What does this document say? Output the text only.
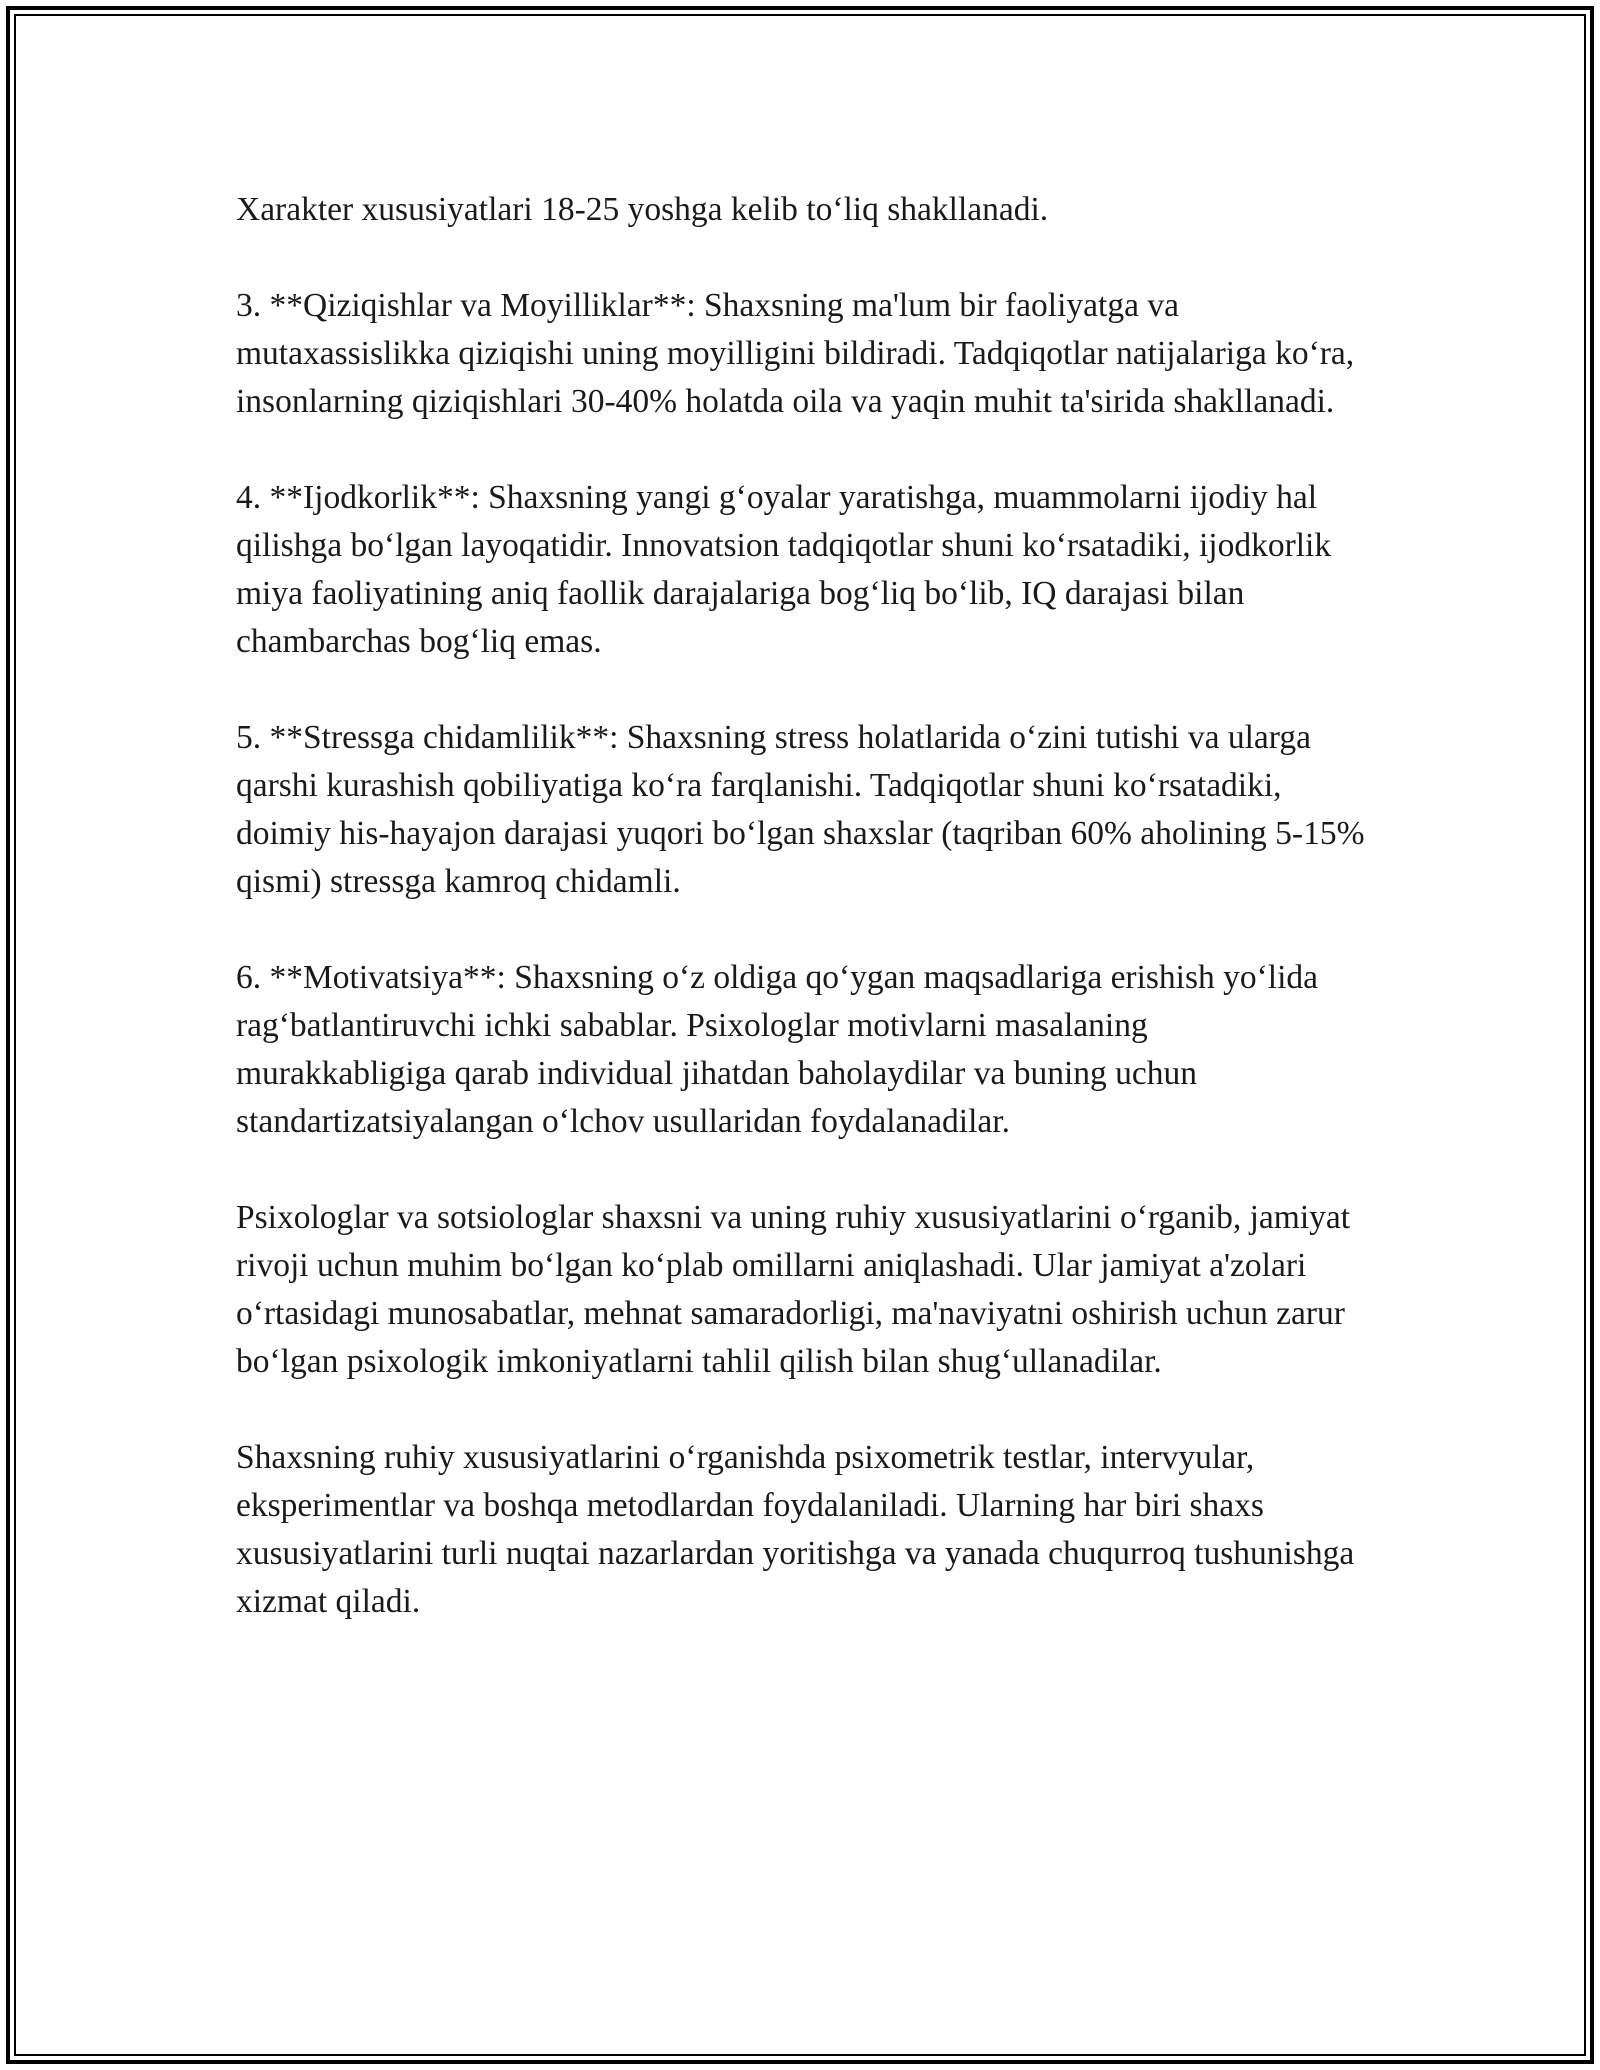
Xarakter xususiyatlari 18-25 yoshga kelib to‘liq shakllanadi.

3. **Qiziqishlar va Moyilliklar**: Shaxsning ma'lum bir faoliyatga va mutaxassislikka qiziqishi uning moyilligini bildiradi. Tadqiqotlar natijalariga ko‘ra, insonlarning qiziqishlari 30-40% holatda oila va yaqin muhit ta'sirida shakllanadi.

4. **Ijodkorlik**: Shaxsning yangi g‘oyalar yaratishga, muammolarni ijodiy hal qilishga bo‘lgan layoqatidir. Innovatsion tadqiqotlar shuni ko‘rsatadiki, ijodkorlik miya faoliyatining aniq faollik darajalariga bog‘liq bo‘lib, IQ darajasi bilan chambarchas bog‘liq emas.

5. **Stressga chidamlilik**: Shaxsning stress holatlarida o‘zini tutishi va ularga qarshi kurashish qobiliyatiga ko‘ra farqlanishi. Tadqiqotlar shuni ko‘rsatadiki, doimiy his-hayajon darajasi yuqori bo‘lgan shaxslar (taqriban 60% aholining 5-15% qismi) stressga kamroq chidamli.

6. **Motivatsiya**: Shaxsning o‘z oldiga qo‘ygan maqsadlariga erishish yo‘lida rag‘batlantiruvchi ichki sabablar. Psixologlar motivlarni masalaning murakkabligiga qarab individual jihatdan baholaydilar va buning uchun standartizatsiyalangan o‘lchov usullaridan foydalanadilar.

Psixologlar va sotsiologlar shaxsni va uning ruhiy xususiyatlarini o‘rganib, jamiyat rivoji uchun muhim bo‘lgan ko‘plab omillarni aniqlashadi. Ular jamiyat a'zolari o‘rtasidagi munosabatlar, mehnat samaradorligi, ma'naviyatni oshirish uchun zarur bo‘lgan psixologik imkoniyatlarni tahlil qilish bilan shug‘ullanadilar.

Shaxsning ruhiy xususiyatlarini o‘rganishda psixometrik testlar, intervyular, eksperimentlar va boshqa metodlardan foydalaniladi. Ularning har biri shaxs xususiyatlarini turli nuqtai nazarlardan yoritishga va yanada chuqurroq tushunishga xizmat qiladi.
